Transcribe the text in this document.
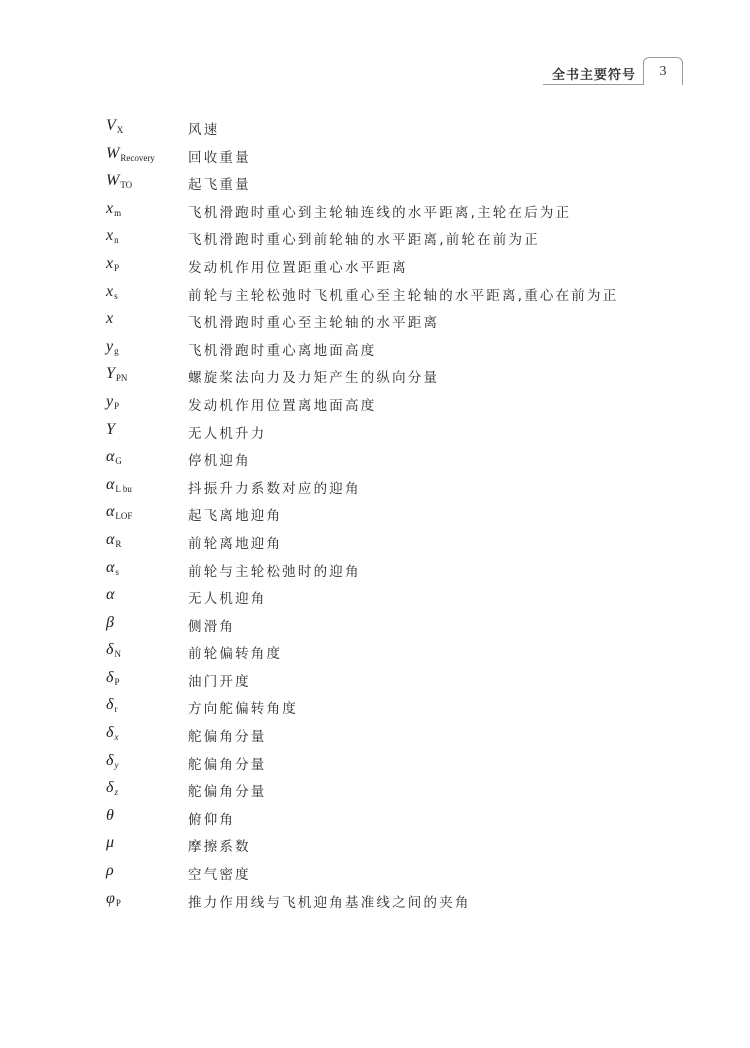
全书主要符号	3
$V_X$	风速
$W_{Recovery}$ 回收重量
$W_{TO}$	起飞重量
$x_m$	飞机滑跑时重心到主轮轴连线的水平距离,主轮在后为正
$x_n$	飞机滑跑时重心到前轮轴的水平距离,前轮在前为正
$x_P$	发动机作用位置距重心水平距离
$x_s$	前轮与主轮松弛时飞机重心至主轮轴的水平距离,重心在前为正
x	飞机滑跑时重心至主轮轴的水平距离
$y_g$	飞机滑跑时重心离地面高度
$Y_{PN}$	螺旋桨法向力及力矩产生的纵向分量
$y_P$	发动机作用位置离地面高度
Y	无人机升力
$\alpha_G$	停机迎角
$\alpha_{L bu}$	抖振升力系数对应的迎角
$\alpha_{LOF}$	起飞离地迎角
$\alpha_R$	前轮离地迎角
$\alpha_s$	前轮与主轮松弛时的迎角
α	无人机迎角
β	侧滑角
$\delta_N$	前轮偏转角度
$\delta_P$	油门开度
$\delta_r$	方向舵偏转角度
$\delta_x$	舵偏角分量
$\delta_y$	舵偏角分量
$\delta_z$	舵偏角分量
θ	俯仰角
μ	摩擦系数
ρ	空气密度
$\varphi_P$	推力作用线与飞机迎角基准线之间的夹角
